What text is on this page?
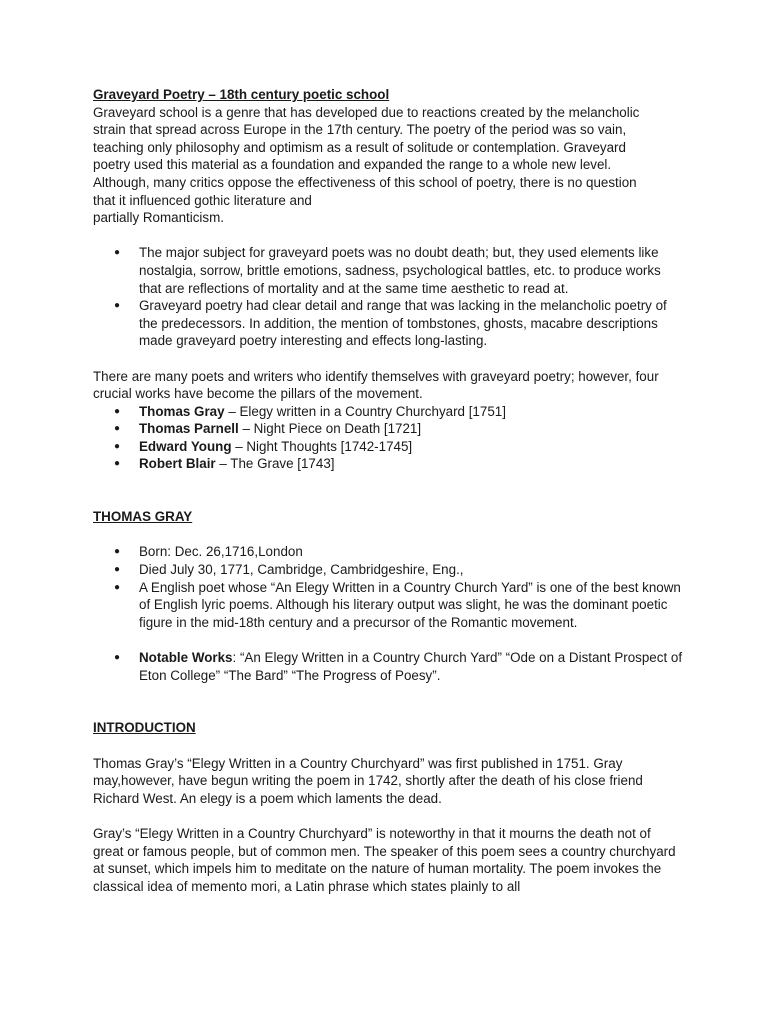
Graveyard Poetry – 18th century poetic school

Graveyard school is a genre that has developed due to reactions created by the melancholic
strain that spread across Europe in the 17th century. The poetry of the period was so vain,
teaching only philosophy and optimism as a result of solitude or contemplation. Graveyard
poetry used this material as a foundation and expanded the range to a whole new level.
Although, many critics oppose the effectiveness of this school of poetry, there is no question
that it influenced gothic literature and
partially Romanticism.

● The major subject for graveyard poets was no doubt death; but, they used elements like nostalgia, sorrow, brittle emotions, sadness, psychological battles, etc. to produce works that are reflections of mortality and at the same time aesthetic to read at.
● Graveyard poetry had clear detail and range that was lacking in the melancholic poetry of the predecessors. In addition, the mention of tombstones, ghosts, macabre descriptions made graveyard poetry interesting and effects long-lasting.

There are many poets and writers who identify themselves with graveyard poetry; however, four crucial works have become the pillars of the movement.

● Thomas Gray – Elegy written in a Country Churchyard [1751]
● Thomas Parnell – Night Piece on Death [1721]
● Edward Young – Night Thoughts [1742-1745]
● Robert Blair – The Grave [1743]
THOMAS GRAY
● Born: Dec. 26,1716,London
● Died July 30, 1771, Cambridge, Cambridgeshire, Eng.,
● A English poet whose “An Elegy Written in a Country Church Yard” is one of the best known of English lyric poems. Although his literary output was slight, he was the dominant poetic figure in the mid-18th century and a precursor of the Romantic movement.
● Notable Works: “An Elegy Written in a Country Church Yard” “Ode on a Distant Prospect of Eton College” “The Bard” “The Progress of Poesy”.
INTRODUCTION

Thomas Gray’s “Elegy Written in a Country Churchyard” was first published in 1751. Gray may,however, have begun writing the poem in 1742, shortly after the death of his close friend Richard West. An elegy is a poem which laments the dead.

Gray’s “Elegy Written in a Country Churchyard” is noteworthy in that it mourns the death not of great or famous people, but of common men. The speaker of this poem sees a country churchyard at sunset, which impels him to meditate on the nature of human mortality. The poem invokes the classical idea of memento mori, a Latin phrase which states plainly to all
